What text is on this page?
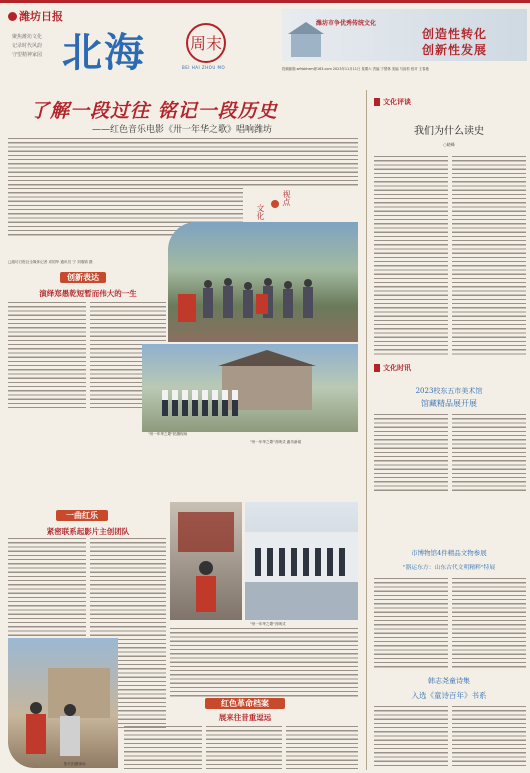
潍坊日报
聚焦潍坊文化
记录时代风韵
守望精神家园 北海	周末
BEI HAI ZHOU MO
潍坊市争优秀传统文化
创造性转化
创新性发展
投稿邮箱:wfrbbhzm@163.com 2023年11月11日 星期六 责编 宁慧林 美编 马韵松 校对 王春艳
了解一段过往 铭记一段历史
——红色音乐电影《卅一年华之歌》唱响潍坊
文化
视点
□潍坊日报社全媒体记者 邓国华 通讯员 宁 刘瑞锦 摄
创新表达
演绎郑愚乾短暂而伟大的一生
"卅一年华之歌"拍摄现场
"卅一年华之歌"首映式 潍坊新闻
一曲红乐
紧密联系起影片主创团队
"卅一年华之歌"首映式
红色革命档案
展来往昔重逗远
影片拍摄现场
文化评谈
我们为什么读史
○晓峰
文化时讯
2023校东五市美术馆
馆藏精品展开展
市博物馆4件精品文物参展
"器运东方：山东古代文明精粹"特展
韩志尧童诗集
入选《童诗百年》书系
